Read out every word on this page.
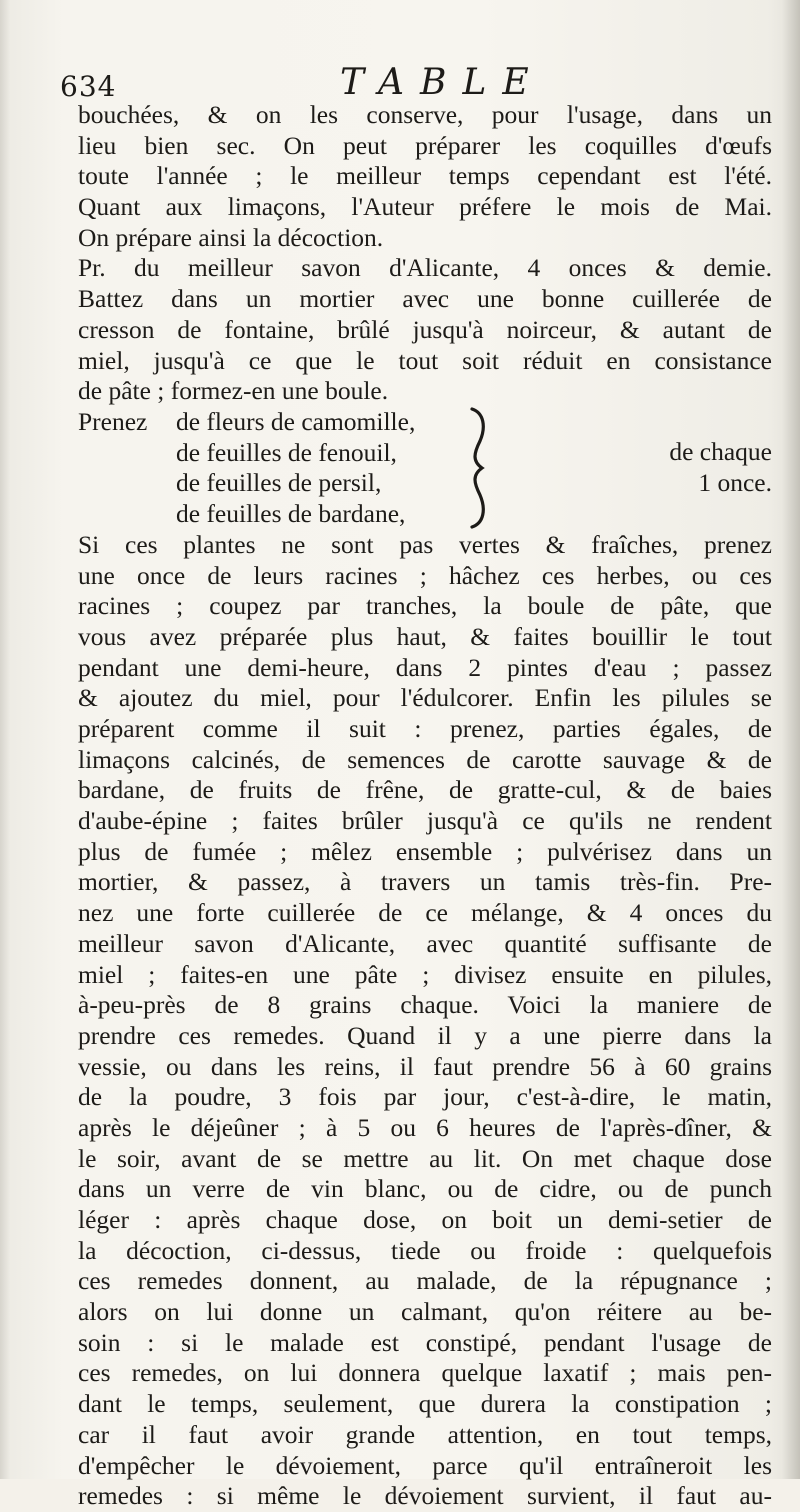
634	TABLE
bouchées, & on les conserve, pour l'usage, dans un
lieu bien sec. On peut préparer les coquilles d'œufs
toute l'année ; le meilleur temps cependant est l'été.
Quant aux limaçons, l'Auteur préfere le mois de Mai.
On prépare ainsi la décoction.
Pr. du meilleur savon d'Alicante, 4 onces & demie.
Battez dans un mortier avec une bonne cuillerée de
cresson de fontaine, brûlé jusqu'à noirceur, & autant de
miel, jusqu'à ce que le tout soit réduit en consistance
de pâte ; formez-en une boule.
Prenez de fleurs de camomille,
de feuilles de fenouil,
de feuilles de persil,
de feuilles de bardane,
de chaque
1 once.
Si ces plantes ne sont pas vertes & fraîches, prenez
une once de leurs racines ; hâchez ces herbes, ou ces
racines ; coupez par tranches, la boule de pâte, que
vous avez préparée plus haut, & faites bouillir le tout
pendant une demi-heure, dans 2 pintes d'eau ; passez
& ajoutez du miel, pour l'édulcorer. Enfin les pilules se
préparent comme il suit : prenez, parties égales, de
limaçons calcinés, de semences de carotte sauvage & de
bardane, de fruits de frêne, de gratte-cul, & de baies
d'aube-épine ; faites brûler jusqu'à ce qu'ils ne rendent
plus de fumée ; mêlez ensemble ; pulvérisez dans un
mortier, & passez, à travers un tamis très-fin. Pre-
nez une forte cuillerée de ce mélange, & 4 onces du
meilleur savon d'Alicante, avec quantité suffisante de
miel ; faites-en une pâte ; divisez ensuite en pilules,
à-peu-près de 8 grains chaque. Voici la maniere de
prendre ces remedes. Quand il y a une pierre dans la
vessie, ou dans les reins, il faut prendre 56 à 60 grains
de la poudre, 3 fois par jour, c'est-à-dire, le matin,
après le déjeûner ; à 5 ou 6 heures de l'après-dîner, &
le soir, avant de se mettre au lit. On met chaque dose
dans un verre de vin blanc, ou de cidre, ou de punch
léger : après chaque dose, on boit un demi-setier de
la décoction, ci-dessus, tiede ou froide : quelquefois
ces remedes donnent, au malade, de la répugnance ;
alors on lui donne un calmant, qu'on réitere au be-
soin : si le malade est constipé, pendant l'usage de
ces remedes, on lui donnera quelque laxatif ; mais pen-
dant le temps, seulement, que durera la constipation ;
car il faut avoir grande attention, en tout temps,
d'empêcher le dévoiement, parce qu'il entraîneroit les
remedes : si même le dévoiement survient, il faut au-
